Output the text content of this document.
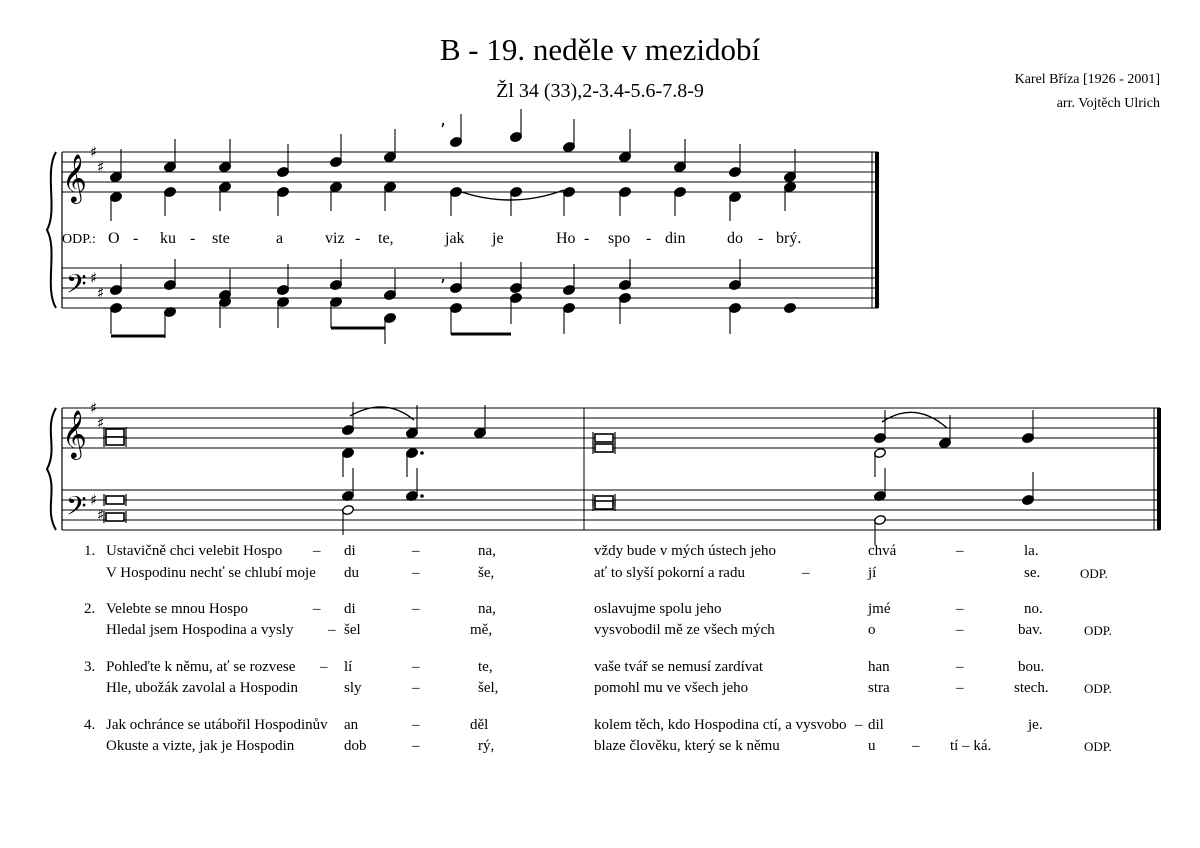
B - 19. neděle v mezidobí
Žl 34 (33),2-3.4-5.6-7.8-9
Karel Bříza [1926 - 2001]
arr. Vojtěch Ulrich
𝄞
𝄢
♯
♯
♯
♯
’
’
𝄞
𝄢
♯
♯
♯
♯
ODP.: O - ku - ste	a	viz - te,	jak je	Ho - spo - din	do - brý.
1. Ustavičně chci velebit Hospo – di	–	na,	vždy bude v mých ústech jeho	chvá	–	la.
V Hospodinu nechť se chlubí moje du	–	še,	ať to slyší pokorní a radu	–	jí	se.	ODP.
2. Velebte se mnou Hospo	– di	–	na,	oslavujme spolu jeho	jmé	–	no.
Hledal jsem Hospodina a vysly – šel	mě,	vysvobodil mě ze všech mých	o	–	bav.	ODP.
3. Pohleďte k němu, ať se rozvese – lí	–	te,	vaše tvář se nemusí zardívat	han	–	bou.
Hle, ubožák zavolal a Hospodin	sly	–	šel,	pomohl mu ve všech jeho	stra	–	stech.	ODP.
4. Jak ochránce se utábořil Hospodinův an	–	děl	kolem těch, kdo Hospodina ctí, a vysvobo – dil	je.
Okuste a vizte, jak je Hospodin	dob	–	rý,	blaze člověku, který se k němu	u – tí – ká.	ODP.
